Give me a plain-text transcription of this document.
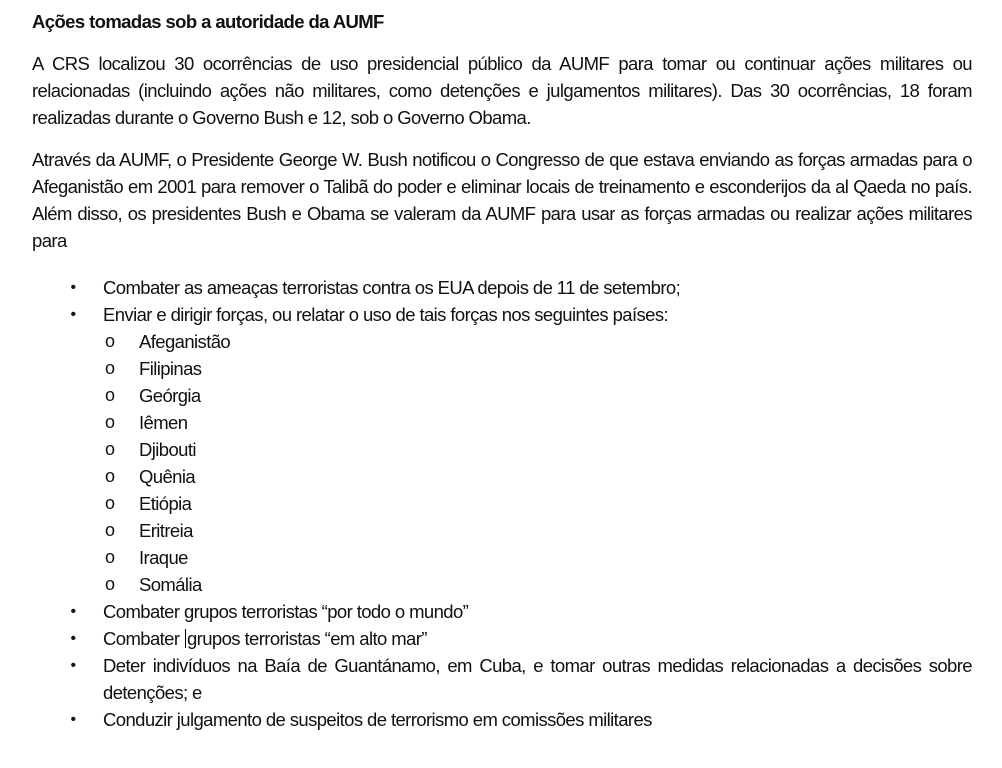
Ações tomadas sob a autoridade da AUMF

A CRS localizou 30 ocorrências de uso presidencial público da AUMF para tomar ou continuar ações militares ou relacionadas (incluindo ações não militares, como detenções e julgamentos militares). Das 30 ocorrências, 18 foram realizadas durante o Governo Bush e 12, sob o Governo Obama.

Através da AUMF, o Presidente George W. Bush notificou o Congresso de que estava enviando as forças armadas para o Afeganistão em 2001 para remover o Talibã do poder e eliminar locais de treinamento e esconderijos da al Qaeda no país. Além disso, os presidentes Bush e Obama se valeram da AUMF para usar as forças armadas ou realizar ações militares para

• Combater as ameaças terroristas contra os EUA depois de 11 de setembro;
• Enviar e dirigir forças, ou relatar o uso de tais forças nos seguintes países:
o Afeganistão
o Filipinas
o Geórgia
o Iêmen
o Djibouti
o Quênia
o Etiópia
o Eritreia
o Iraque
o Somália
• Combater grupos terroristas “por todo o mundo”
• Combater grupos terroristas “em alto mar”
• Deter indivíduos na Baía de Guantánamo, em Cuba, e tomar outras medidas relacionadas a decisões sobre detenções; e
• Conduzir julgamento de suspeitos de terrorismo em comissões militares
